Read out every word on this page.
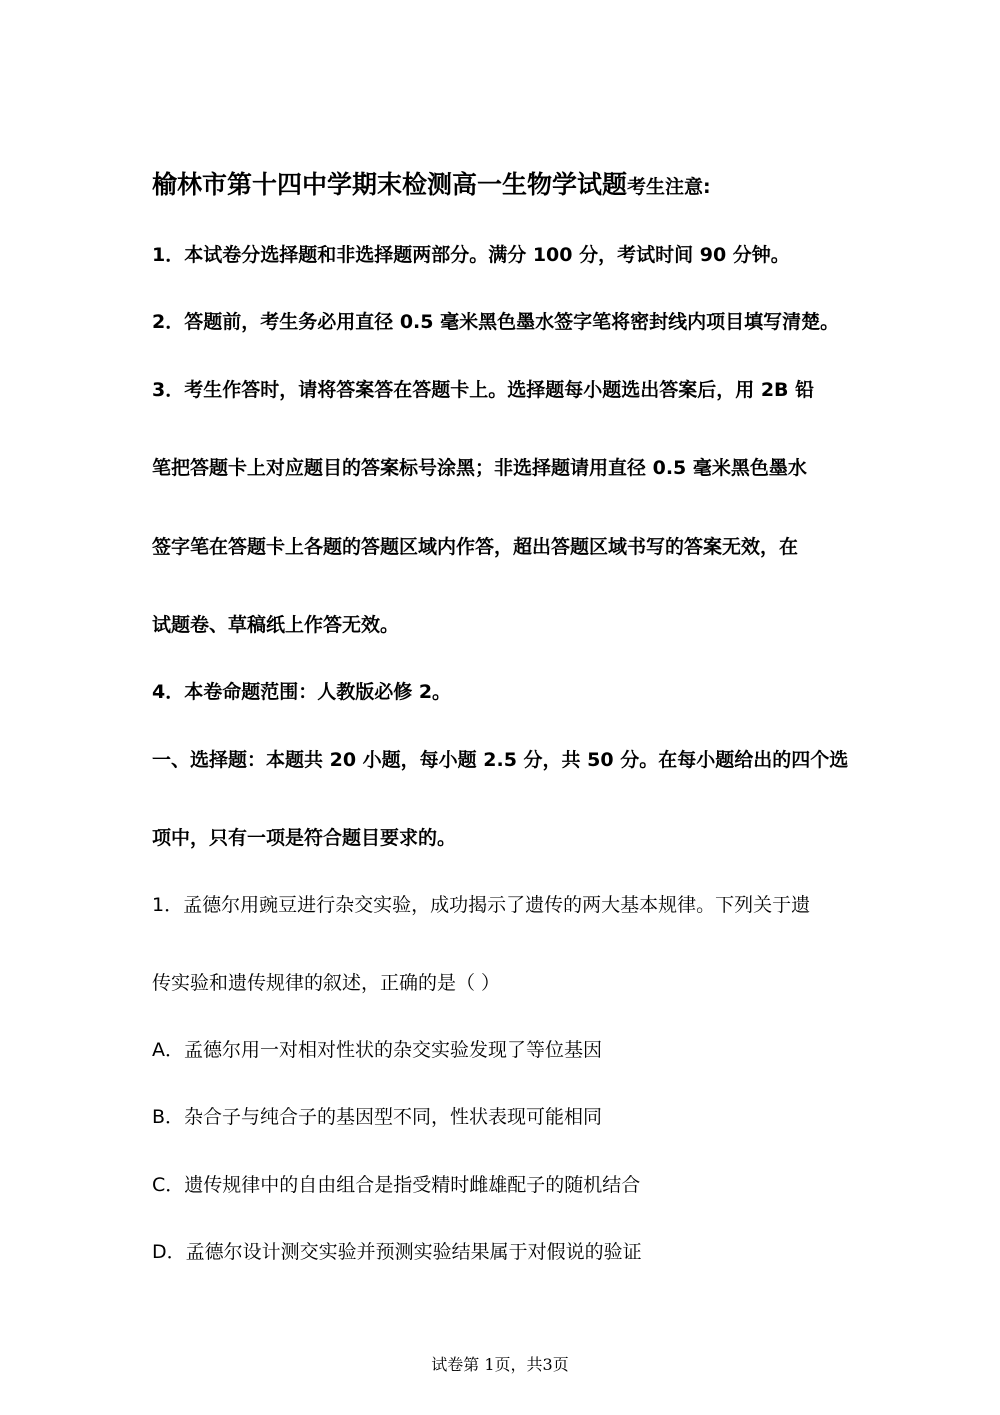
榆林市第十四中学期末检测高一生物学试题考生注意:
1．本试卷分选择题和非选择题两部分。满分 100 分，考试时间 90 分钟。
2．答题前，考生务必用直径 0.5 毫米黑色墨水签字笔将密封线内项目填写清楚。
3．考生作答时，请将答案答在答题卡上。选择题每小题选出答案后，用 2B 铅
笔把答题卡上对应题目的答案标号涂黑；非选择题请用直径 0.5 毫米黑色墨水
签字笔在答题卡上各题的答题区域内作答，超出答题区域书写的答案无效，在
试题卷、草稿纸上作答无效。
4．本卷命题范围：人教版必修 2。
一、选择题：本题共 20 小题，每小题 2.5 分，共 50 分。在每小题给出的四个选
项中，只有一项是符合题目要求的。
1．孟德尔用豌豆进行杂交实验，成功揭示了遗传的两大基本规律。下列关于遗
传实验和遗传规律的叙述，正确的是（ ）
A．孟德尔用一对相对性状的杂交实验发现了等位基因
B．杂合子与纯合子的基因型不同，性状表现可能相同
C．遗传规律中的自由组合是指受精时雌雄配子的随机结合
D．孟德尔设计测交实验并预测实验结果属于对假说的验证
试卷第 1页，共3页
